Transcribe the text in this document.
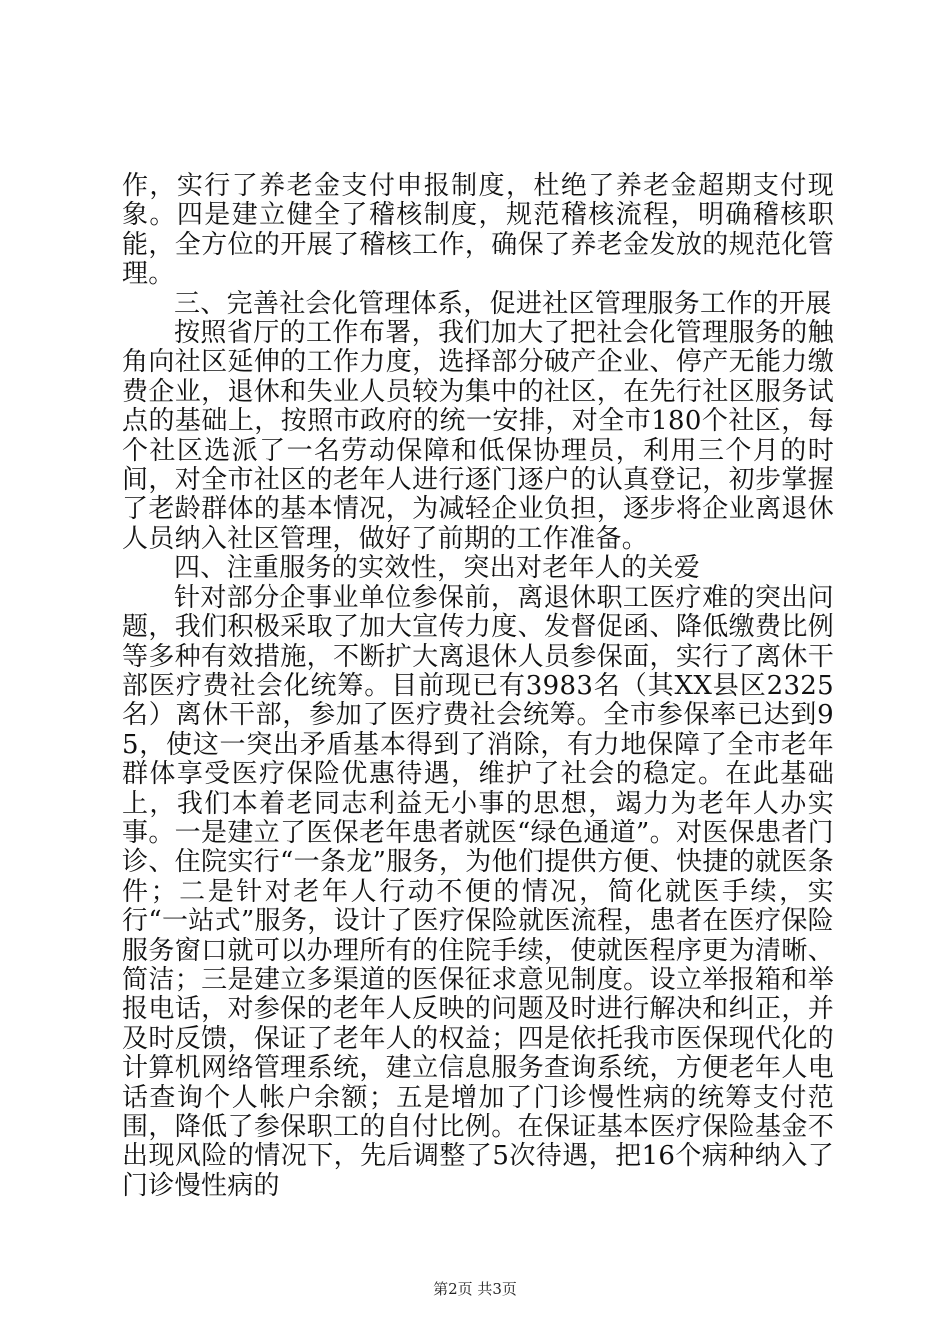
作，实行了养老金支付申报制度，杜绝了养老金超期支付现象。四是建立健全了稽核制度，规范稽核流程，明确稽核职能，全方位的开展了稽核工作，确保了养老金发放的规范化管理。

三、完善社会化管理体系，促进社区管理服务工作的开展

按照省厅的工作布署，我们加大了把社会化管理服务的触角向社区延伸的工作力度，选择部分破产企业、停产无能力缴费企业，退休和失业人员较为集中的社区，在先行社区服务试点的基础上，按照市政府的统一安排，对全市180个社区，每个社区选派了一名劳动保障和低保协理员，利用三个月的时间，对全市社区的老年人进行逐门逐户的认真登记，初步掌握了老龄群体的基本情况，为减轻企业负担，逐步将企业离退休人员纳入社区管理，做好了前期的工作准备。

四、注重服务的实效性，突出对老年人的关爱

针对部分企事业单位参保前，离退休职工医疗难的突出问题，我们积极采取了加大宣传力度、发督促函、降低缴费比例等多种有效措施，不断扩大离退休人员参保面，实行了离休干部医疗费社会化统筹。目前现已有3983名（其XX县区2325名）离休干部，参加了医疗费社会统筹。全市参保率已达到95，使这一突出矛盾基本得到了消除，有力地保障了全市老年群体享受医疗保险优惠待遇，维护了社会的稳定。在此基础上，我们本着老同志利益无小事的思想，竭力为老年人办实事。一是建立了医保老年患者就医“绿色通道”。对医保患者门诊、住院实行“一条龙”服务，为他们提供方便、快捷的就医条件；二是针对老年人行动不便的情况，简化就医手续，实行“一站式”服务，设计了医疗保险就医流程，患者在医疗保险服务窗口就可以办理所有的住院手续，使就医程序更为清晰、简洁；三是建立多渠道的医保征求意见制度。设立举报箱和举报电话，对参保的老年人反映的问题及时进行解决和纠正，并及时反馈，保证了老年人的权益；四是依托我市医保现代化的计算机网络管理系统，建立信息服务查询系统，方便老年人电话查询个人帐户余额；五是增加了门诊慢性病的统筹支付范围，降低了参保职工的自付比例。在保证基本医疗保险基金不出现风险的情况下，先后调整了5次待遇，把16个病种纳入了门诊慢性病的

第2页 共3页
